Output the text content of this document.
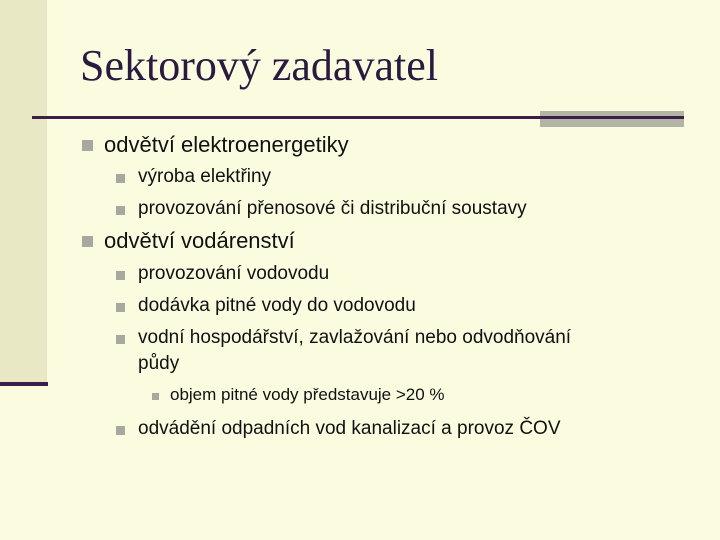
Sektorový zadavatel
odvětví elektroenergetiky
výroba elektřiny
provozování přenosové či distribuční soustavy
odvětví vodárenství
provozování vodovodu
dodávka pitné vody do vodovodu
vodní hospodářství, zavlažování nebo odvodňování
půdy
objem pitné vody představuje >20 %
odvádění odpadních vod kanalizací a provoz ČOV
